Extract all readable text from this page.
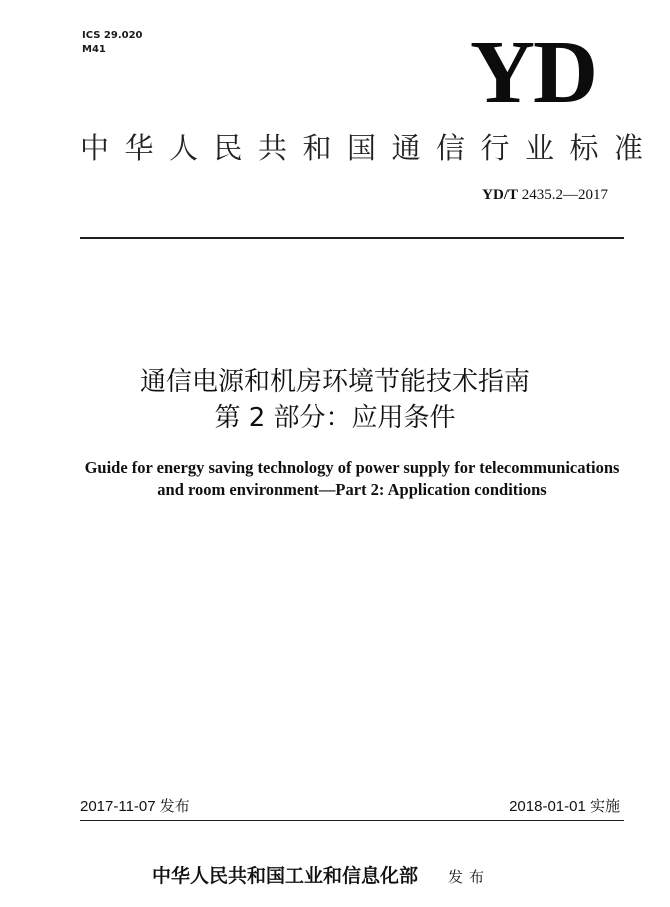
ICS 29.020
M41	YD
中华人民共和国通信行业标准
YD/T 2435.2—2017
通信电源和机房环境节能技术指南
第 2 部分：应用条件
Guide for energy saving technology of power supply for telecommunications and room environment—Part 2: Application conditions
2017-11-07 发布	2018-01-01 实施
中华人民共和国工业和信息化部 发布
